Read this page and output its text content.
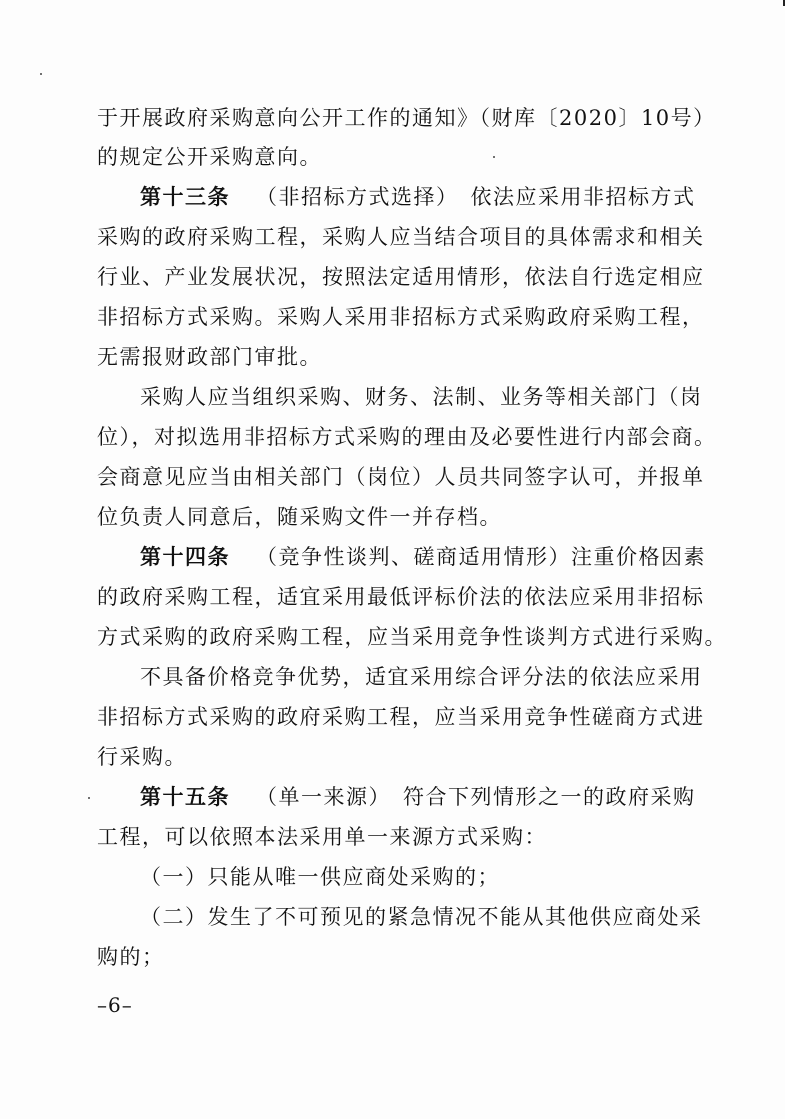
于开展政府采购意向公开工作的通知》（财库〔2020〕10号）
的规定公开采购意向。
第十三条 （非招标方式选择） 依法应采用非招标方式
采购的政府采购工程，采购人应当结合项目的具体需求和相关
行业、产业发展状况，按照法定适用情形，依法自行选定相应
非招标方式采购。采购人采用非招标方式采购政府采购工程，
无需报财政部门审批。
采购人应当组织采购、财务、法制、业务等相关部门（岗
位），对拟选用非招标方式采购的理由及必要性进行内部会商。
会商意见应当由相关部门（岗位）人员共同签字认可，并报单
位负责人同意后，随采购文件一并存档。
第十四条 （竞争性谈判、磋商适用情形）注重价格因素
的政府采购工程，适宜采用最低评标价法的依法应采用非招标
方式采购的政府采购工程，应当采用竞争性谈判方式进行采购。
不具备价格竞争优势，适宜采用综合评分法的依法应采用
非招标方式采购的政府采购工程，应当采用竞争性磋商方式进
行采购。
第十五条 （单一来源） 符合下列情形之一的政府采购
工程，可以依照本法采用单一来源方式采购：
（一）只能从唯一供应商处采购的；
（二）发生了不可预见的紧急情况不能从其他供应商处采
购的；
–6–
